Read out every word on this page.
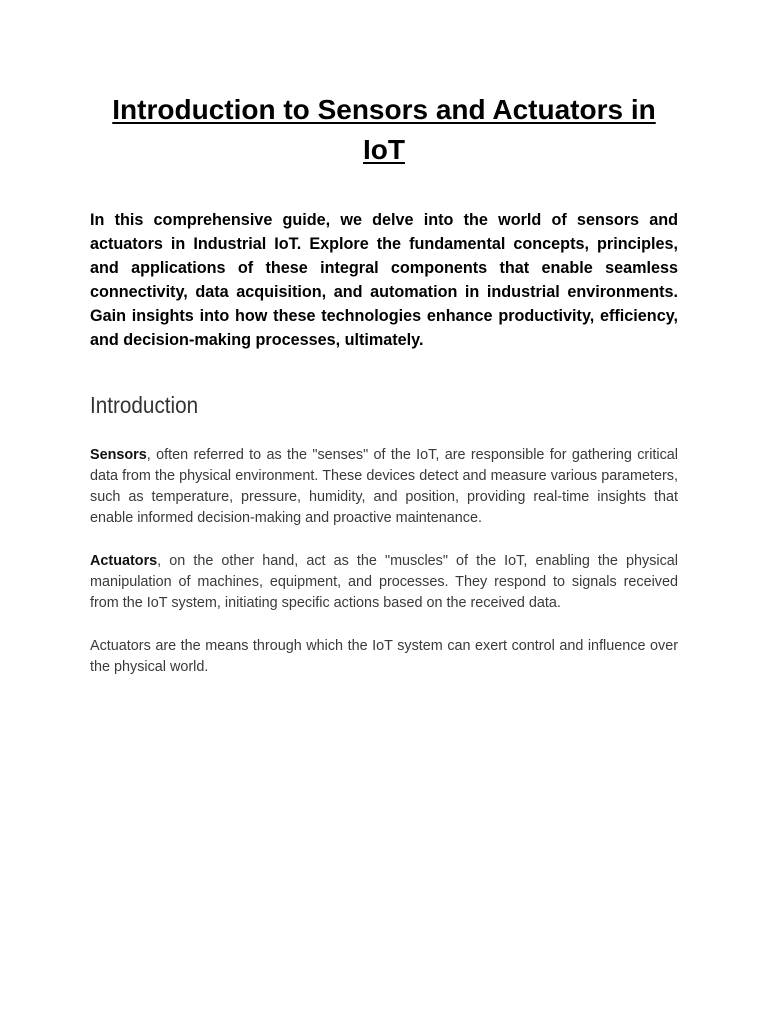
Introduction to Sensors and Actuators in IoT

In this comprehensive guide, we delve into the world of sensors and actuators in Industrial IoT. Explore the fundamental concepts, principles, and applications of these integral components that enable seamless connectivity, data acquisition, and automation in industrial environments. Gain insights into how these technologies enhance productivity, efficiency, and decision-making processes, ultimately.

Introduction

Sensors, often referred to as the "senses" of the IoT, are responsible for gathering critical data from the physical environment. These devices detect and measure various parameters, such as temperature, pressure, humidity, and position, providing real-time insights that enable informed decision-making and proactive maintenance.

Actuators, on the other hand, act as the "muscles" of the IoT, enabling the physical manipulation of machines, equipment, and processes. They respond to signals received from the IoT system, initiating specific actions based on the received data.

Actuators are the means through which the IoT system can exert control and influence over the physical world.
